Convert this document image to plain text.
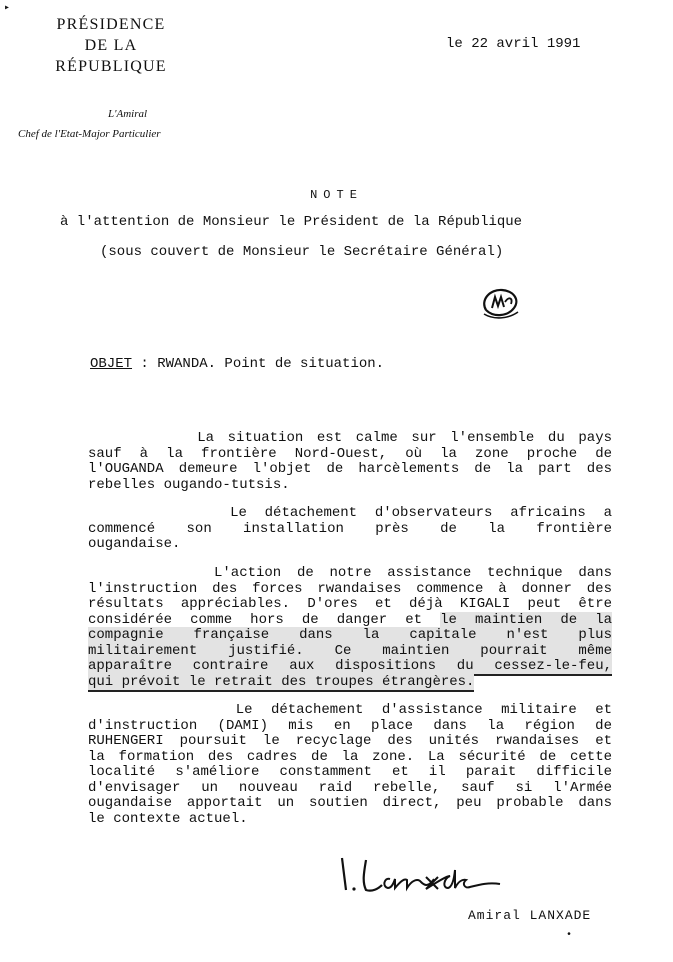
▸
PRÉSIDENCE
DE LA
RÉPUBLIQUE
le 22 avril 1991
L'Amiral
Chef de l'Etat-Major Particulier
NOTE
à l'attention de Monsieur le Président de la République
(sous couvert de Monsieur le Secrétaire Général)
OBJET : RWANDA. Point de situation.
La situation est calme sur l'ensemble du pays
sauf à la frontière Nord-Ouest, où la zone proche de
l'OUGANDA demeure l'objet de harcèlements de la part des
rebelles ougando-tutsis.
Le détachement d'observateurs africains a
commencé son installation près de la frontière
ougandaise.
L'action de notre assistance technique dans
l'instruction des forces rwandaises commence à donner des
résultats appréciables. D'ores et déjà KIGALI peut être
considérée comme hors de danger et le maintien de la
compagnie française dans la capitale n'est plus
militairement justifié. Ce maintien pourrait même
apparaître contraire aux dispositions du cessez-le-feu,
qui prévoit le retrait des troupes étrangères.
Le détachement d'assistance militaire et
d'instruction (DAMI) mis en place dans la région de
RUHENGERI poursuit le recyclage des unités rwandaises et
la formation des cadres de la zone. La sécurité de cette
localité s'améliore constamment et il parait difficile
d'envisager un nouveau raid rebelle, sauf si l'Armée
ougandaise apportait un soutien direct, peu probable dans
le contexte actuel.
Amiral LANXADE
•
